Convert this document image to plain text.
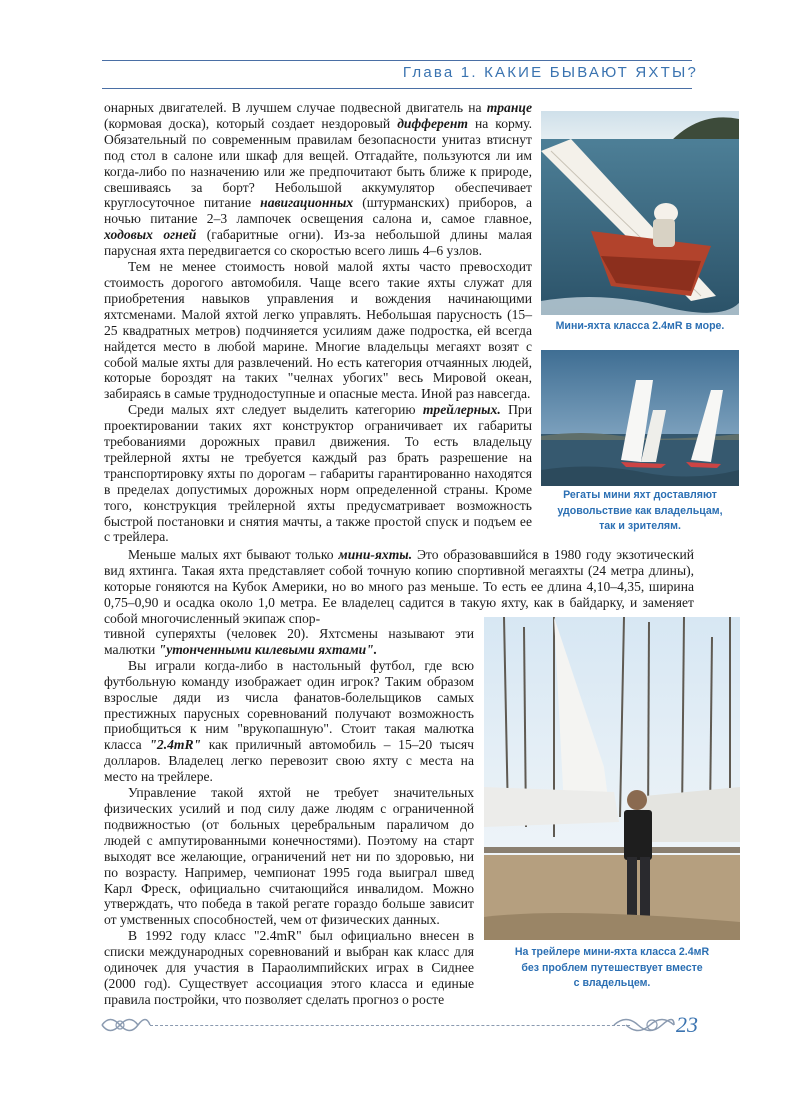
Глава 1. КАКИЕ БЫВАЮТ ЯХТЫ?

онарных двигателей. В лучшем случае подвесной двигатель на транце (кормовая доска), который создает нездоровый дифферент на корму. Обязательный по современным правилам безопасности унитаз втиснут под стол в салоне или шкаф для вещей. Отгадайте, пользуются ли им когда-либо по назначению или же предпочитают быть ближе к природе, свешиваясь за борт? Небольшой аккумулятор обеспечивает круглосуточное питание навигационных (штурманских) приборов, а ночью питание 2–3 лампочек освещения салона и, самое главное, ходовых огней (габаритные огни). Из-за небольшой длины малая парусная яхта передвигается со скоростью всего лишь 4–6 узлов.

Тем не менее стоимость новой малой яхты часто превосходит стоимость дорогого автомобиля. Чаще всего такие яхты служат для приобретения навыков управления и вождения начинающими яхтсменами. Малой яхтой легко управлять. Небольшая парусность (15–25 квадратных метров) подчиняется усилиям даже подростка, ей всегда найдется место в любой марине. Многие владельцы мегаяхт возят с собой малые яхты для развлечений. Но есть категория отчаянных людей, которые бороздят на таких "челнах убогих" весь Мировой океан, забираясь в самые труднодоступные и опасные места. Иной раз навсегда.

Среди малых яхт следует выделить категорию трейлерных. При проектировании таких яхт конструктор ограничивает их габариты требованиями дорожных правил движения. То есть владельцу трейлерной яхты не требуется каждый раз брать разрешение на транспортировку яхты по дорогам – габариты гарантированно находятся в пределах допустимых дорожных норм определенной страны. Кроме того, конструкция трейлерной яхты предусматривает возможность быстрой постановки и снятия мачты, а также простой спуск и подъем ее с трейлера.

Меньше малых яхт бывают только мини-яхты. Это образовавшийся в 1980 году экзотический вид яхтинга. Такая яхта представляет собой точную копию спортивной мегаяхты (24 метра длины), которые гоняются на Кубок Америки, но во много раз меньше. То есть ее длина 4,10–4,35, ширина 0,75–0,90 и осадка около 1,0 метра. Ее владелец садится в такую яхту, как в байдарку, и заменяет собой многочисленный экипаж спор-

тивной суперяхты (человек 20). Яхтсмены называют эти малютки "утонченными килевыми яхтами".

Вы играли когда-либо в настольный футбол, где всю футбольную команду изображает один игрок? Таким образом взрослые дяди из числа фанатов-болельщиков самых престижных парусных соревнований получают возможность приобщиться к ним "врукопашную". Стоит такая малютка класса "2.4mR" как приличный автомобиль – 15–20 тысяч долларов. Владелец легко перевозит свою яхту с места на место на трейлере.

Управление такой яхтой не требует значительных физических усилий и под силу даже людям с ограниченной подвижностью (от больных церебральным параличом до людей с ампутированными конечностями). Поэтому на старт выходят все желающие, ограничений нет ни по здоровью, ни по возрасту. Например, чемпионат 1995 года выиграл швед Карл Фреск, официально считающийся инвалидом. Можно утверждать, что победа в такой регате гораздо больше зависит от умственных способностей, чем от физических данных.

В 1992 году класс "2.4mR" был официально внесен в списки международных соревнований и выбран как класс для одиночек для участия в Параолимпийских играх в Сиднее (2000 год). Существует ассоциация этого класса и единые правила постройки, что позволяет сделать прогноз о росте

Мини-яхта класса 2.4мR в море.
Регаты мини яхт доставляют
удовольствие как владельцам,
так и зрителям.
На трейлере мини-яхта класса 2.4мR
без проблем путешествует вместе
с владельцем.
23
